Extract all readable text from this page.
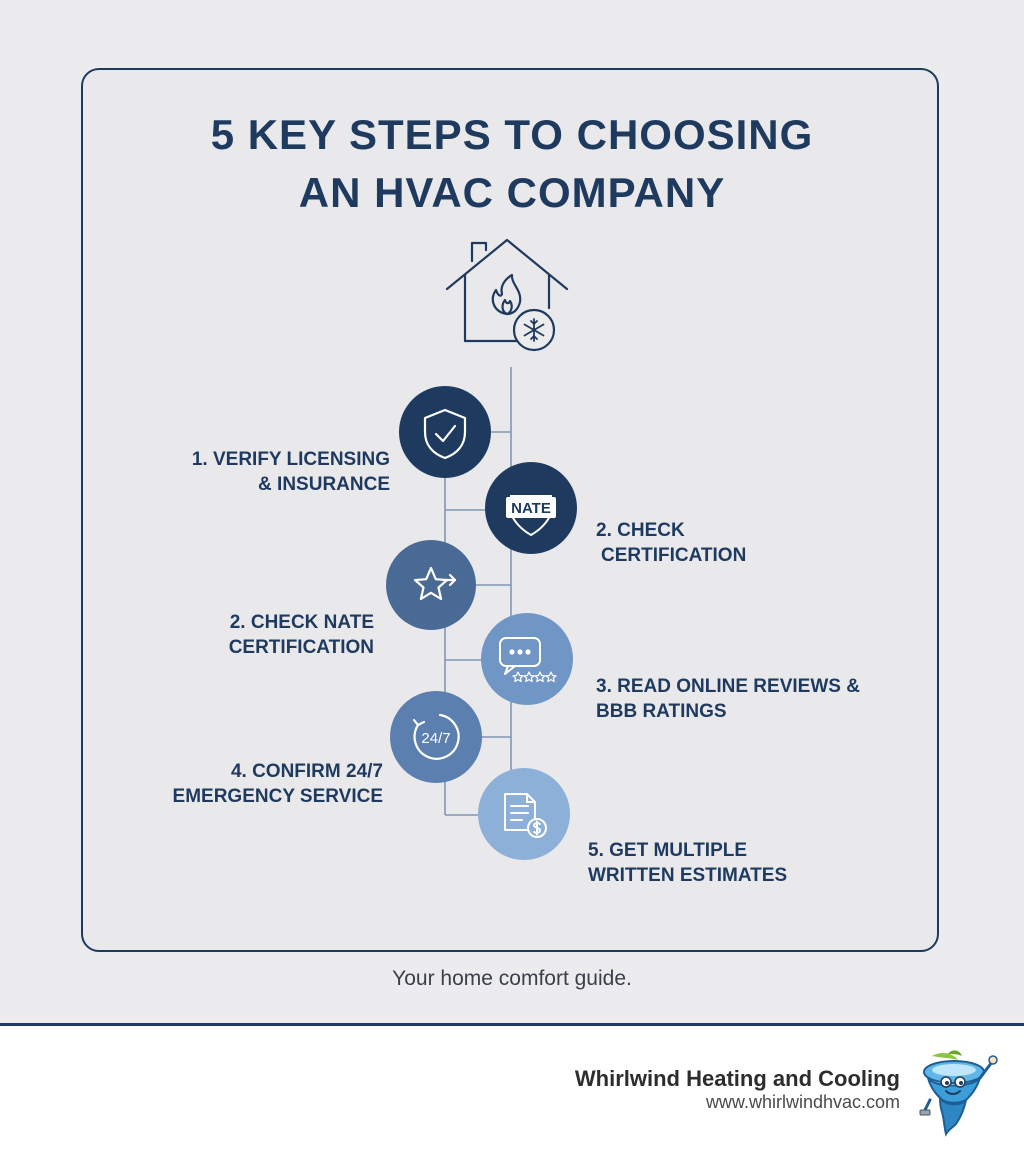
5 KEY STEPS TO CHOOSING
AN HVAC COMPANY
NATE
24/7
1. VERIFY LICENSING
& INSURANCE
2. CHECK
CERTIFICATION
2. CHECK NATE
CERTIFICATION
3. READ ONLINE REVIEWS &
BBB RATINGS
4. CONFIRM 24/7
EMERGENCY SERVICE
5. GET MULTIPLE
WRITTEN ESTIMATES
Your home comfort guide.
Whirlwind Heating and Cooling
www.whirlwindhvac.com
